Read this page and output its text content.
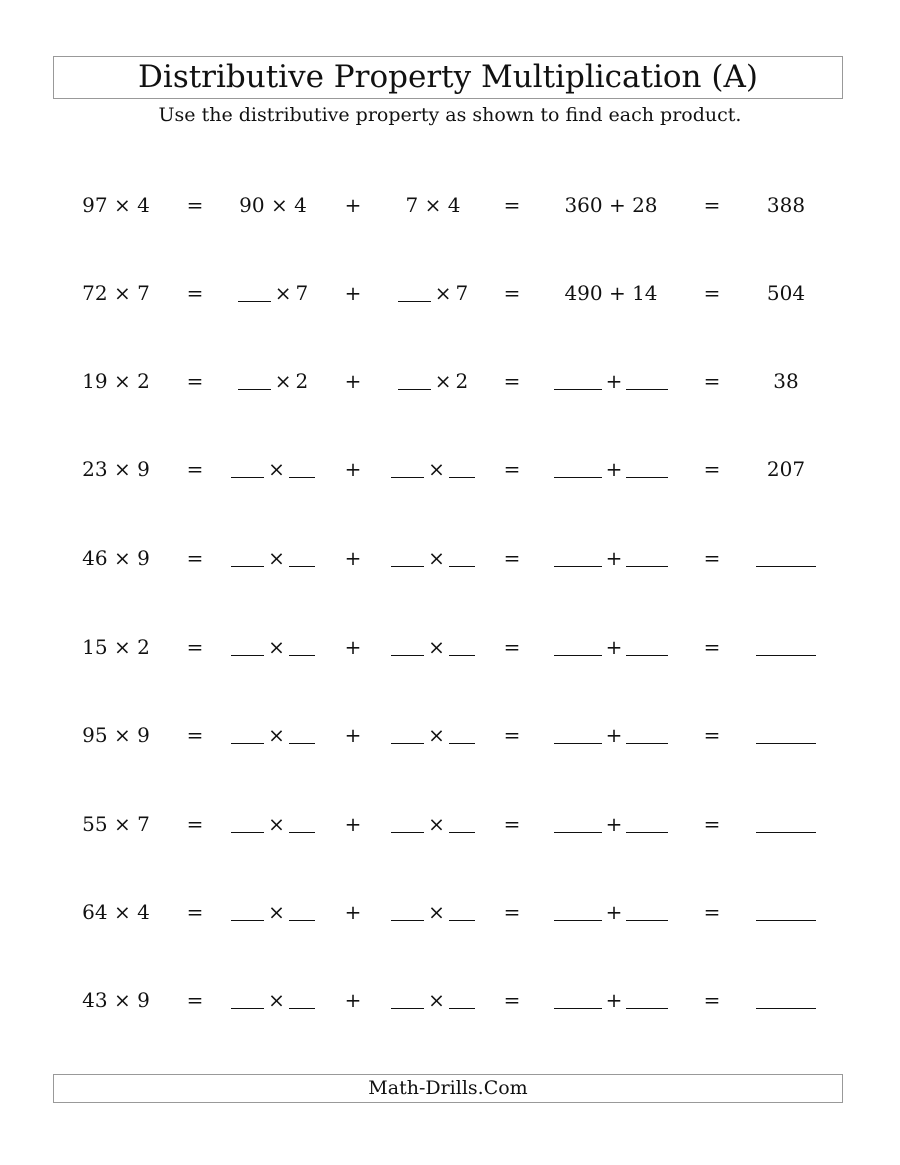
Distributive Property Multiplication (A)
Use the distributive property as shown to find each product.
97 × 4	=	90 × 4	+	7 × 4	=	360 + 28	=	388
72 × 7	=	× 7	+	× 7	=	490 + 14	=	504
19 × 2	=	× 2	+	× 2	=	+	=	38
23 × 9	=	×	+	×	=	+	=	207
46 × 9	=	×	+	×	=	+	=
15 × 2	=	×	+	×	=	+	=
95 × 9	=	×	+	×	=	+	=
55 × 7	=	×	+	×	=	+	=
64 × 4	=	×	+	×	=	+	=
43 × 9	=	×	+	×	=	+	=
Math-Drills.Com
